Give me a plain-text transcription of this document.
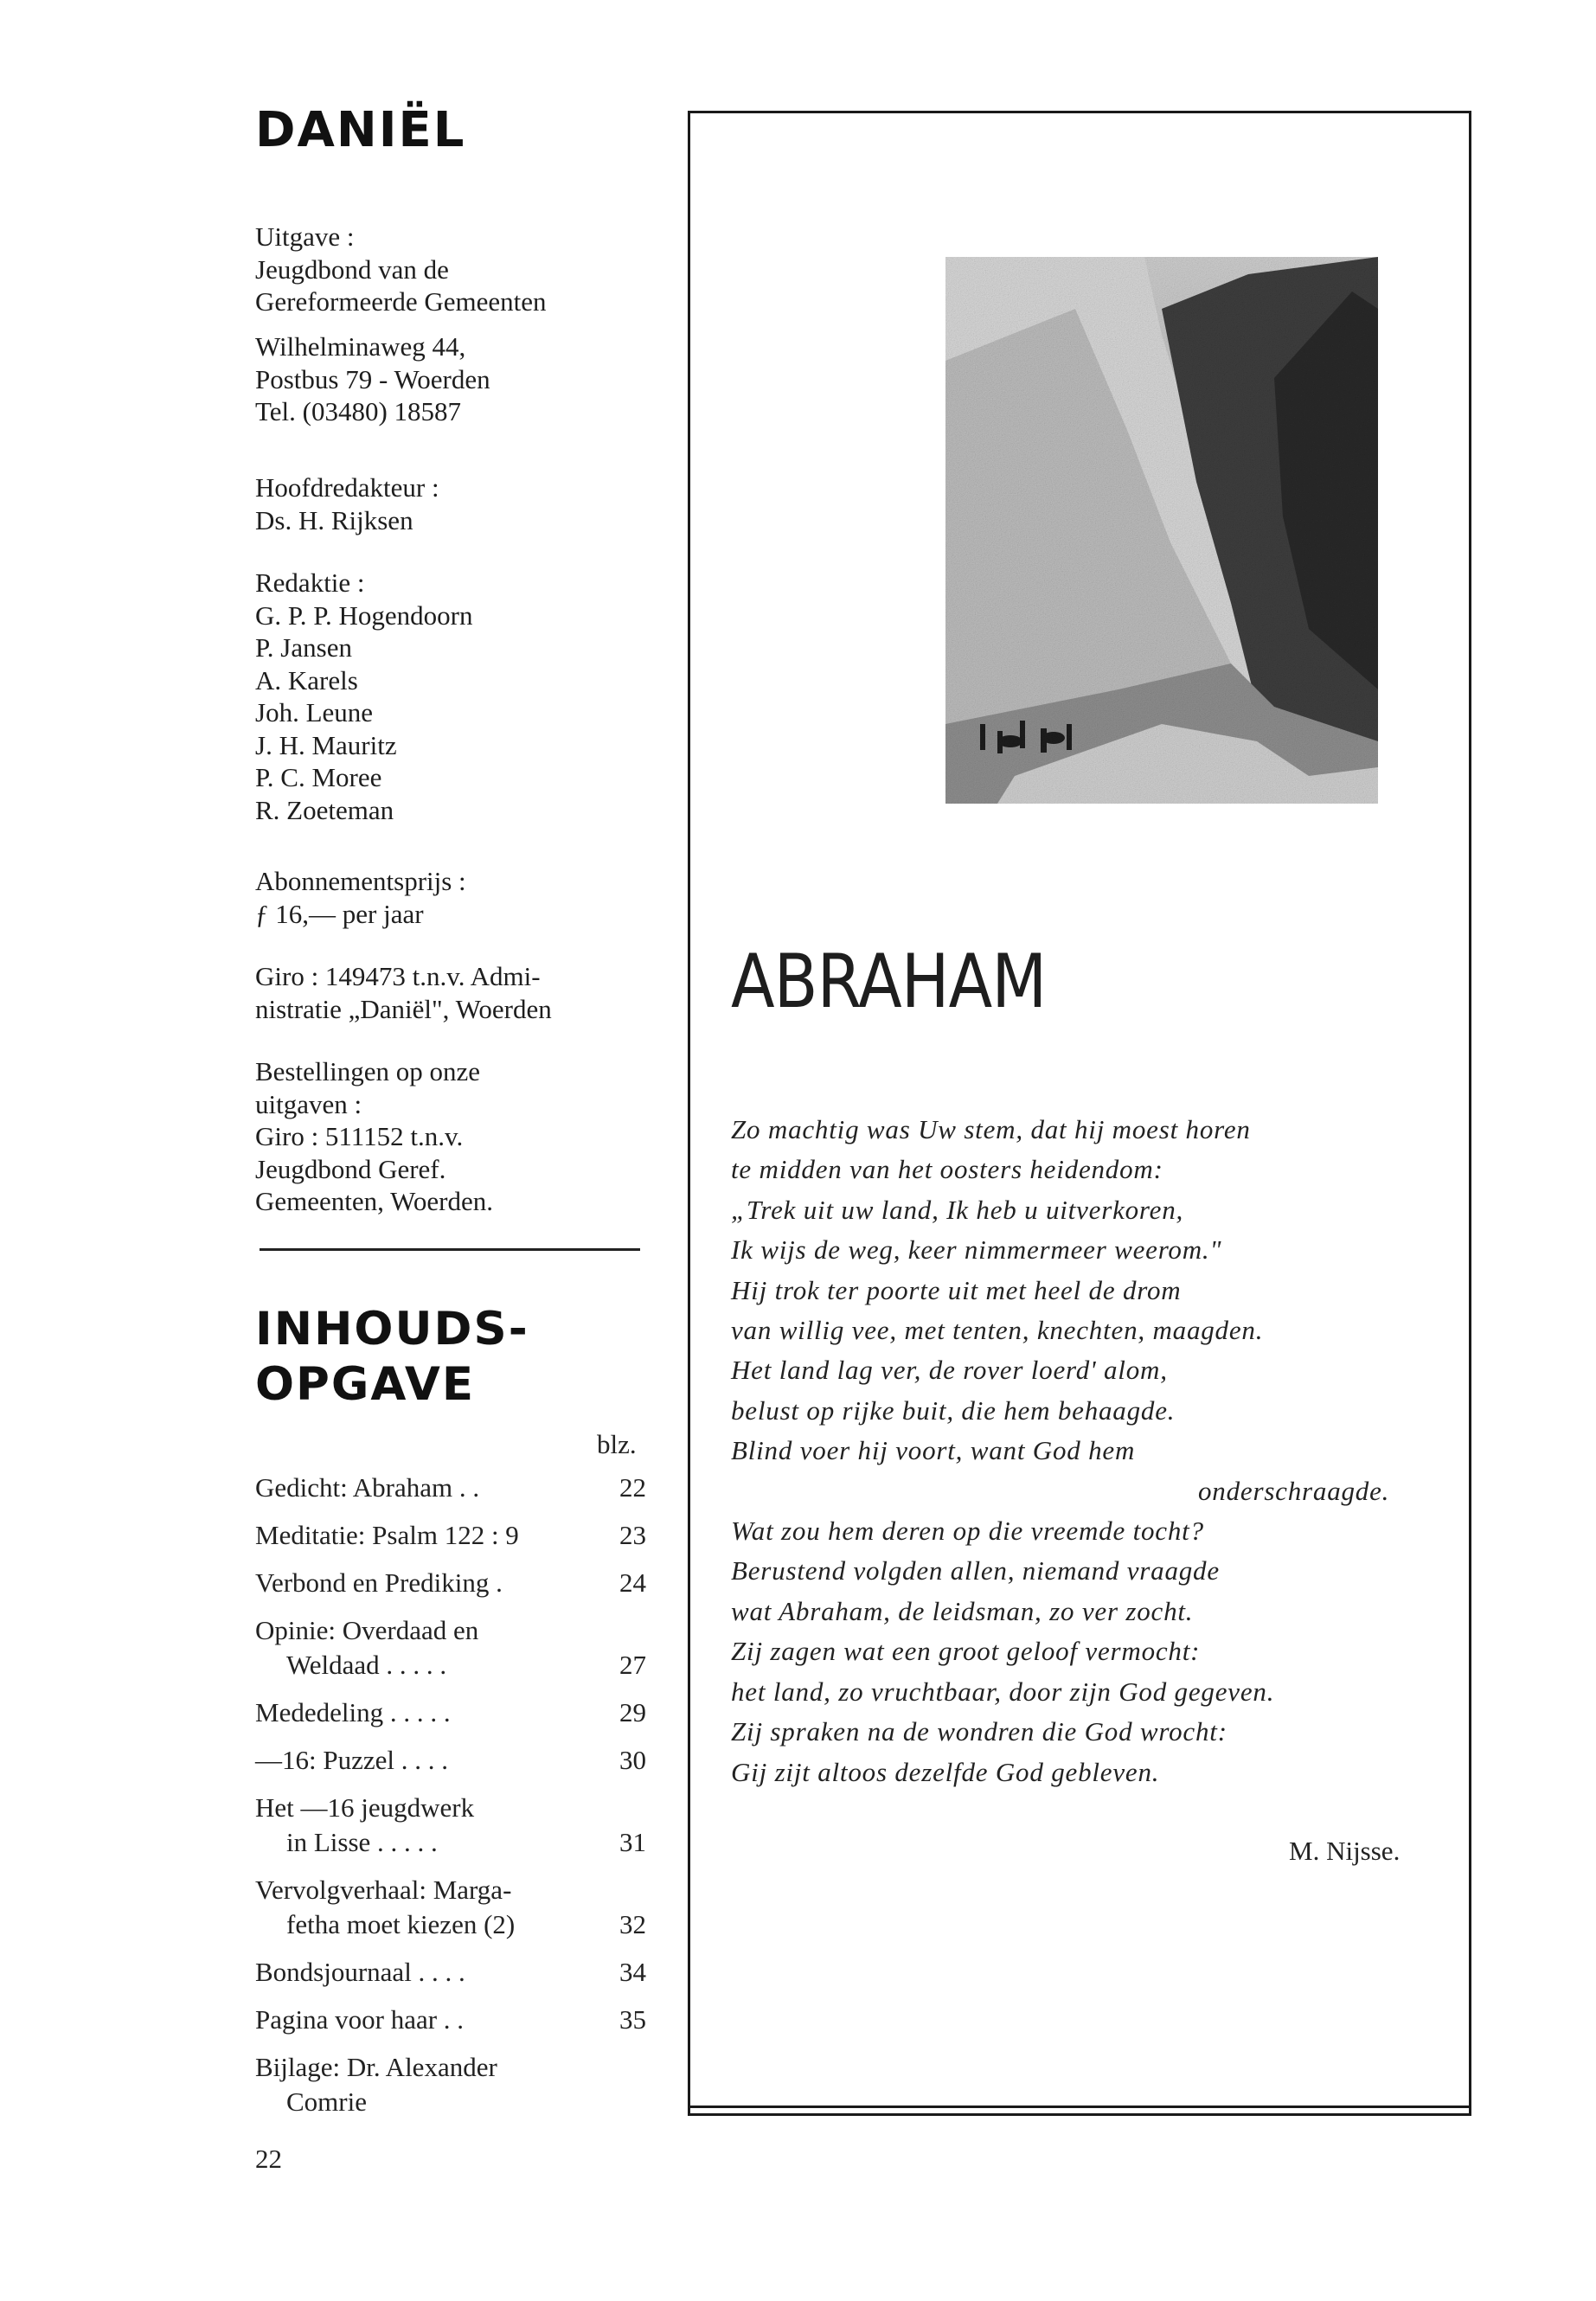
DANIËL
Uitgave :
Jeugdbond van de
Gereformeerde Gemeenten
Wilhelminaweg 44,
Postbus 79 - Woerden
Tel. (03480) 18587
Hoofdredakteur :
Ds. H. Rijksen
Redaktie :
G. P. P. Hogendoorn
P. Jansen
A. Karels
Joh. Leune
J. H. Mauritz
P. C. Moree
R. Zoeteman
Abonnementsprijs :
ƒ 16,— per jaar
Giro : 149473 t.n.v. Admi-
nistratie „Daniël", Woerden
Bestellingen op onze
uitgaven :
Giro : 511152 t.n.v.
Jeugdbond Geref.
Gemeenten, Woerden.
INHOUDS-
OPGAVE
blz.
Gedicht: Abraham . .	22
Meditatie: Psalm 122 : 9	23
Verbond en Prediking .	24
Opinie: Overdaad en
Weldaad . . . . .	27
Mededeling . . . . .	29
—16: Puzzel . . . .	30
Het —16 jeugdwerk
in Lisse . . . . .	31
Vervolgverhaal: Marga-
fetha moet kiezen (2)	32
Bondsjournaal . . . .	34
Pagina voor haar . .	35
Bijlage: Dr. Alexander
Comrie
22
ABRAHAM
Zo machtig was Uw stem, dat hij moest horen
te midden van het oosters heidendom:
„Trek uit uw land, Ik heb u uitverkoren,
Ik wijs de weg, keer nimmermeer weerom."
Hij trok ter poorte uit met heel de drom
van willig vee, met tenten, knechten, maagden.
Het land lag ver, de rover loerd' alom,
belust op rijke buit, die hem behaagde.
Blind voer hij voort, want God hem
onderschraagde.
Wat zou hem deren op die vreemde tocht?
Berustend volgden allen, niemand vraagde
wat Abraham, de leidsman, zo ver zocht.
Zij zagen wat een groot geloof vermocht:
het land, zo vruchtbaar, door zijn God gegeven.
Zij spraken na de wondren die God wrocht:
Gij zijt altoos dezelfde God gebleven.
M. Nijsse.
